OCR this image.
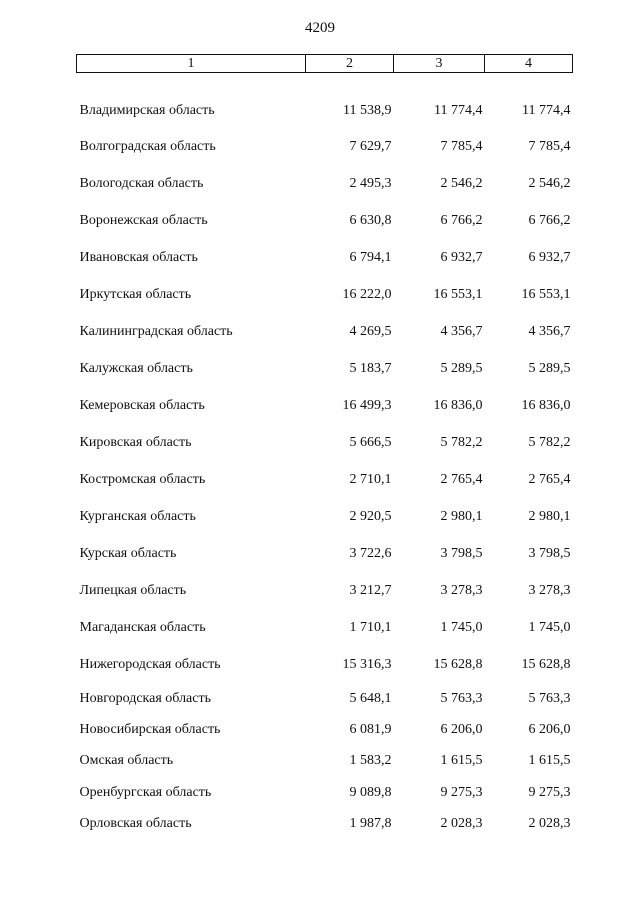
4209
1	2	3	4
Владимирская область	11 538,9	11 774,4	11 774,4
Волгоградская область	7 629,7	7 785,4	7 785,4
Вологодская область	2 495,3	2 546,2	2 546,2
Воронежская область	6 630,8	6 766,2	6 766,2
Ивановская область	6 794,1	6 932,7	6 932,7
Иркутская область	16 222,0	16 553,1	16 553,1
Калининградская область	4 269,5	4 356,7	4 356,7
Калужская область	5 183,7	5 289,5	5 289,5
Кемеровская область	16 499,3	16 836,0	16 836,0
Кировская область	5 666,5	5 782,2	5 782,2
Костромская область	2 710,1	2 765,4	2 765,4
Курганская область	2 920,5	2 980,1	2 980,1
Курская область	3 722,6	3 798,5	3 798,5
Липецкая область	3 212,7	3 278,3	3 278,3
Магаданская область	1 710,1	1 745,0	1 745,0
Нижегородская область	15 316,3	15 628,8	15 628,8
Новгородская область	5 648,1	5 763,3	5 763,3
Новосибирская область	6 081,9	6 206,0	6 206,0
Омская область	1 583,2	1 615,5	1 615,5
Оренбургская область	9 089,8	9 275,3	9 275,3
Орловская область	1 987,8	2 028,3	2 028,3
